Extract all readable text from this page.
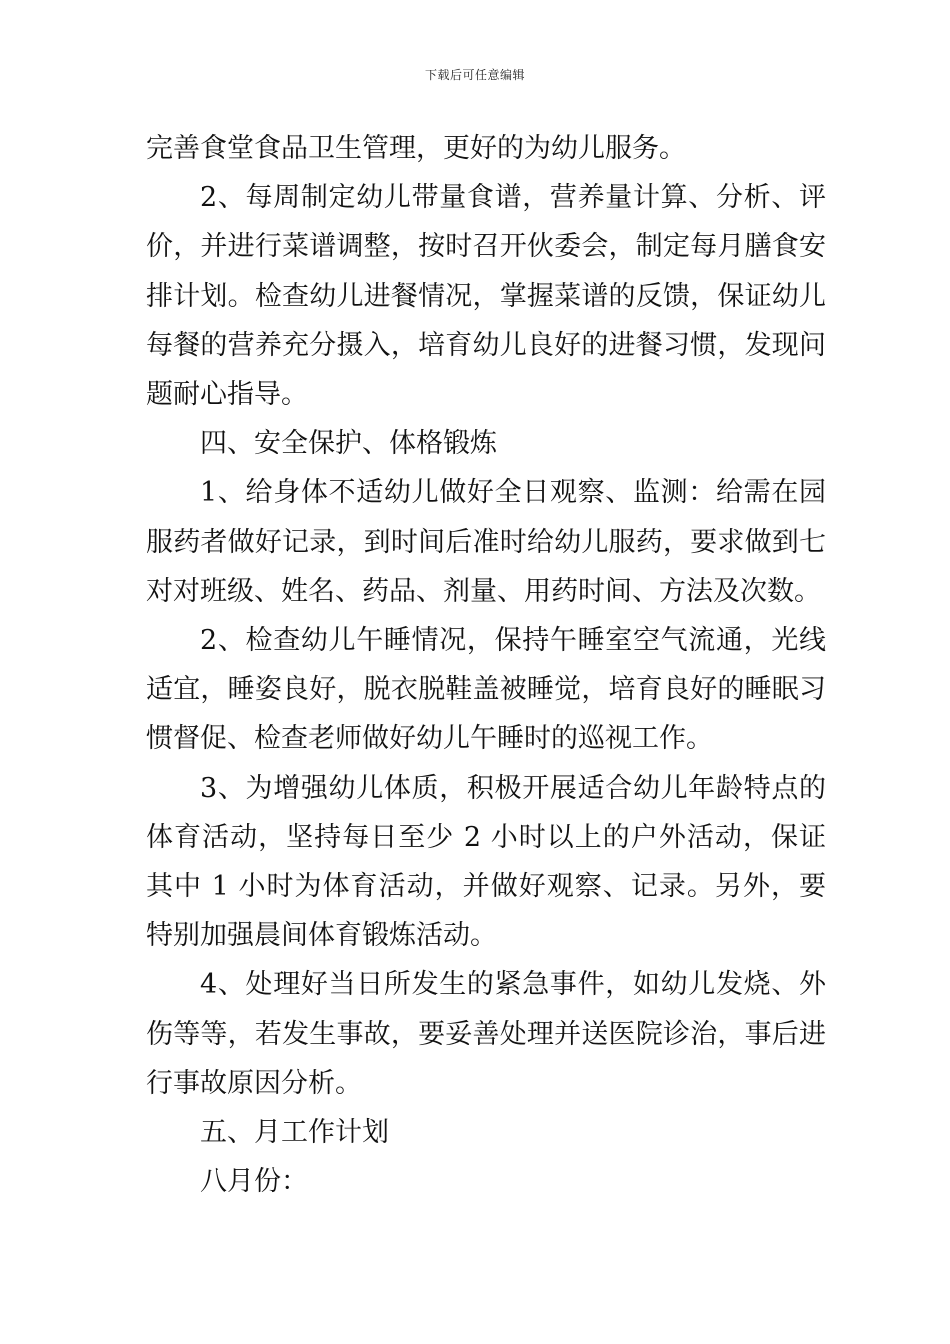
下载后可任意编辑

完善食堂食品卫生管理，更好的为幼儿服务。

2、每周制定幼儿带量食谱，营养量计算、分析、评价，并进行菜谱调整，按时召开伙委会，制定每月膳食安排计划。检查幼儿进餐情况，掌握菜谱的反馈，保证幼儿每餐的营养充分摄入，培育幼儿良好的进餐习惯，发现问题耐心指导。

四、安全保护、体格锻炼

1、给身体不适幼儿做好全日观察、监测：给需在园服药者做好记录，到时间后准时给幼儿服药，要求做到七对对班级、姓名、药品、剂量、用药时间、方法及次数。

2、检查幼儿午睡情况，保持午睡室空气流通，光线适宜，睡姿良好，脱衣脱鞋盖被睡觉，培育良好的睡眠习惯督促、检查老师做好幼儿午睡时的巡视工作。

3、为增强幼儿体质，积极开展适合幼儿年龄特点的体育活动，坚持每日至少 2 小时以上的户外活动，保证其中 1 小时为体育活动，并做好观察、记录。另外，要特别加强晨间体育锻炼活动。

4、处理好当日所发生的紧急事件，如幼儿发烧、外伤等等，若发生事故，要妥善处理并送医院诊治，事后进行事故原因分析。

五、月工作计划

八月份：
